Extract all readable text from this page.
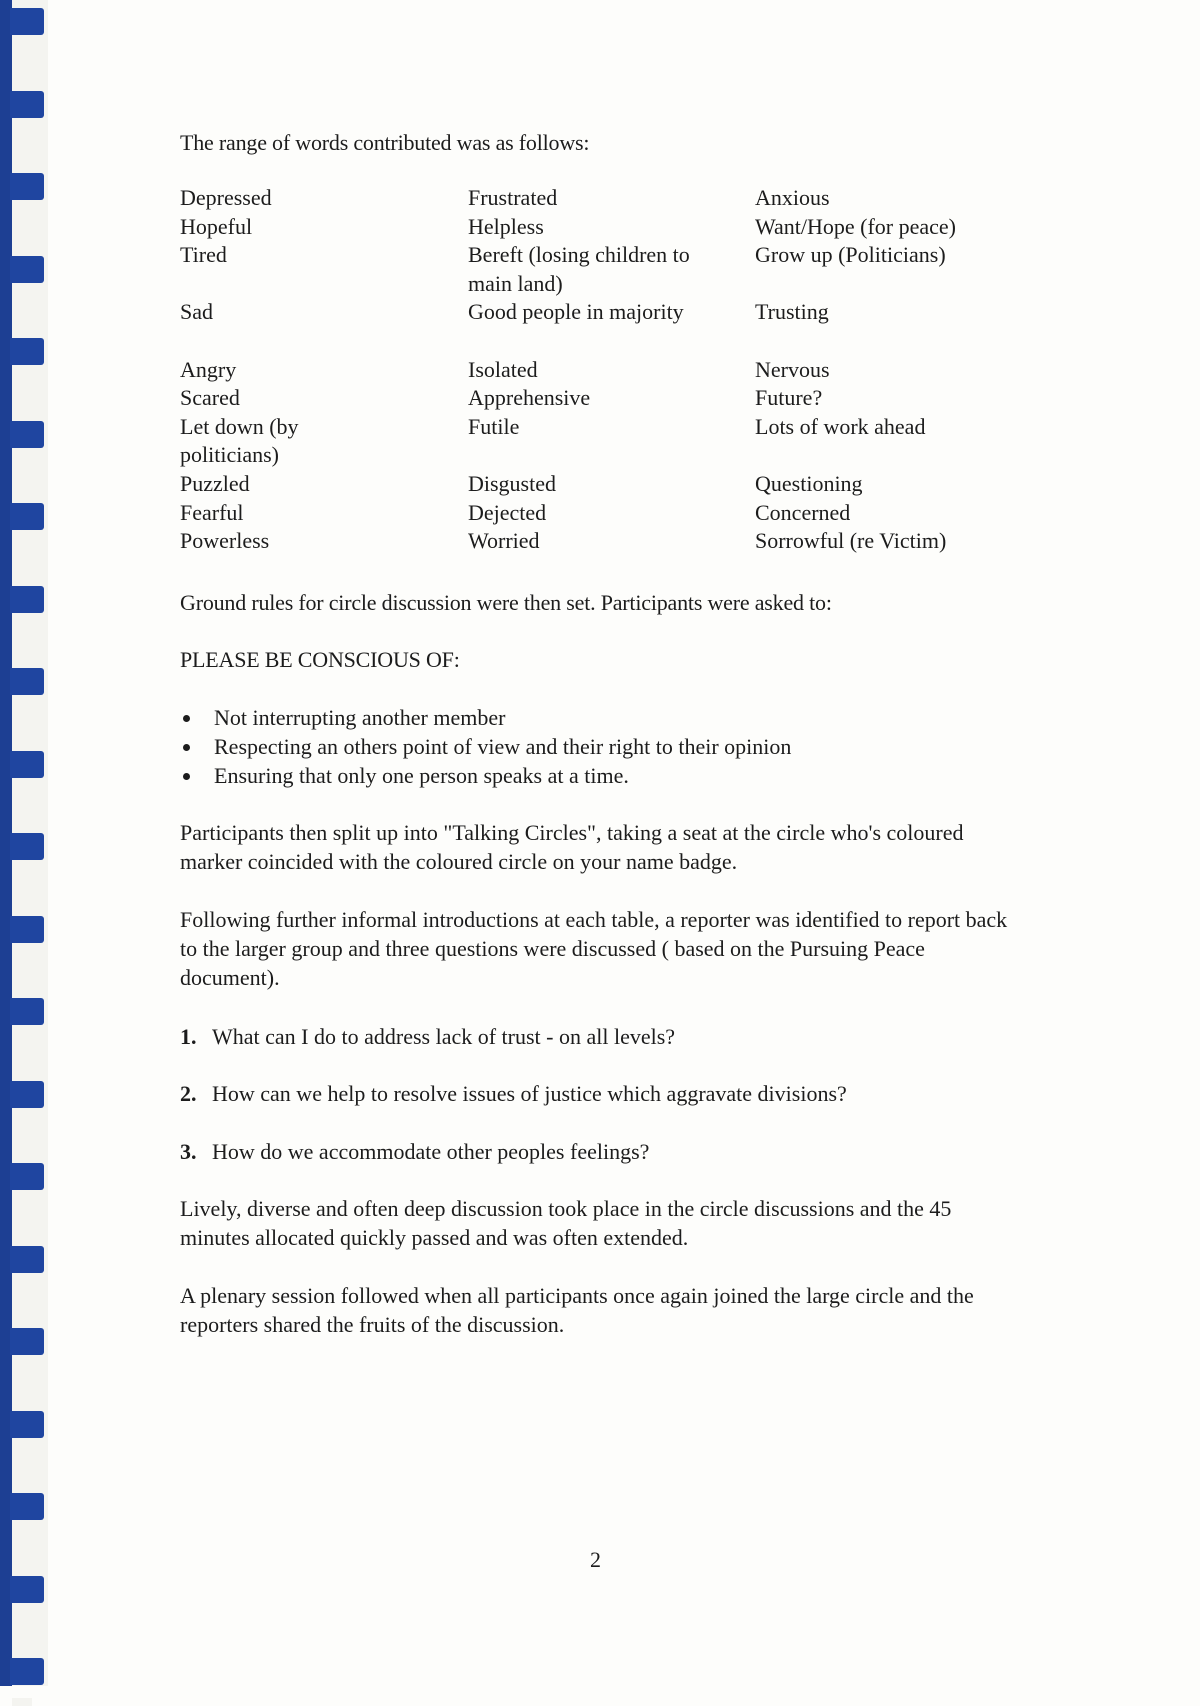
The range of words contributed was as follows:
Depressed
Hopeful
Tired
Sad
Angry
Scared
Let down (by politicians)
Puzzled
Fearful
Powerless
Frustrated
Helpless
Bereft (losing children to main land)
Good people in majority
Isolated
Apprehensive
Futile
Disgusted
Dejected
Worried
Anxious
Want/Hope (for peace)
Grow up (Politicians)
Trusting
Nervous
Future?
Lots of work ahead
Questioning
Concerned
Sorrowful (re Victim)
Ground rules for circle discussion were then set. Participants were asked to:
PLEASE BE CONSCIOUS OF:
Not interrupting another member
Respecting an others point of view and their right to their opinion
Ensuring that only one person speaks at a time.
Participants then split up into "Talking Circles", taking a seat at the circle who's coloured marker coincided with the coloured circle on your name badge.
Following further informal introductions at each table, a reporter was identified to report back to the larger group and three questions were discussed ( based on the Pursuing Peace document).
1. What can I do to address lack of trust - on all levels?
2. How can we help to resolve issues of justice which aggravate divisions?
3. How do we accommodate other peoples feelings?
Lively, diverse and often deep discussion took place in the circle discussions and the 45 minutes allocated quickly passed and was often extended.
A plenary session followed when all participants once again joined the large circle and the reporters shared the fruits of the discussion.
2
